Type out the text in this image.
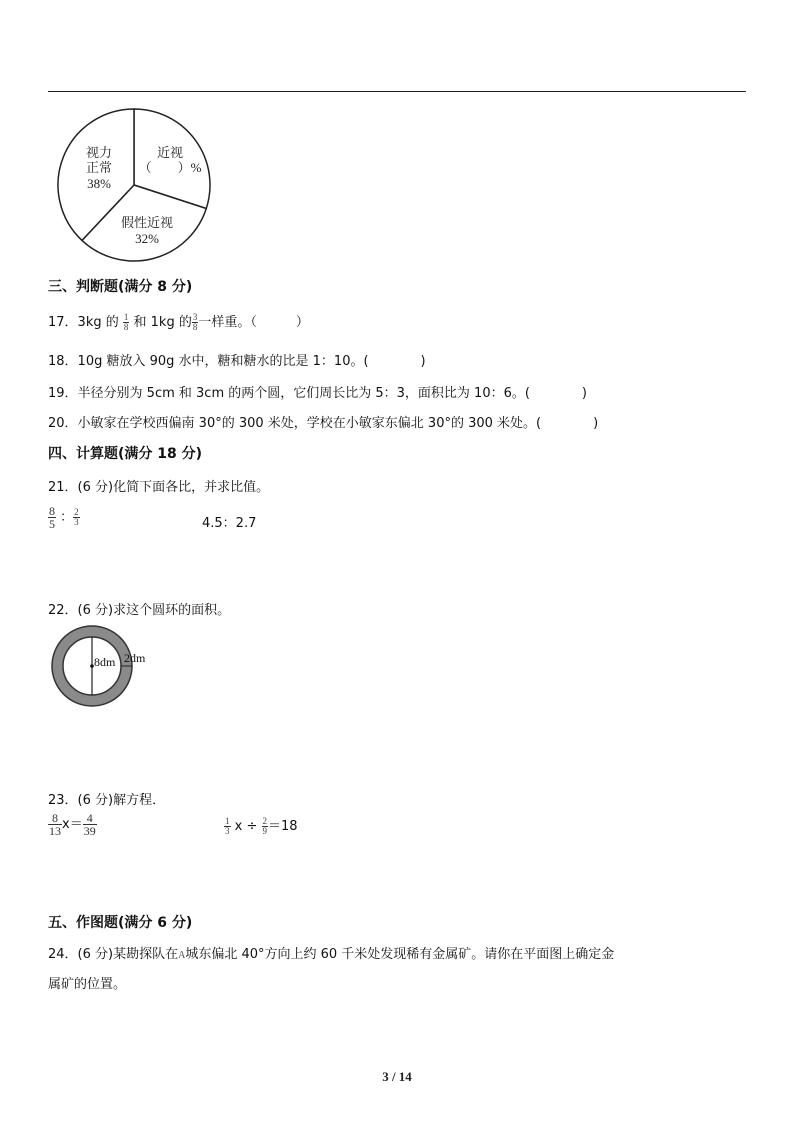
视力
正常
38%
近视
（　　）%
假性近视
32%
三、判断题(满分 8 分)
17．3kg 的 $\frac{1}{8}$ 和 1kg 的 $\frac{3}{8}$ 一样重。（　　　）
18．10g 糖放入 90g 水中，糖和糖水的比是 1：10。(　　　　)
19．半径分别为 5cm 和 3cm 的两个圆，它们周长比为 5：3，面积比为 10：6。(　　　　)
20．小敏家在学校西偏南 30°的 300 米处，学校在小敏家东偏北 30°的 300 米处。(　　　　)
四、计算题(满分 18 分)
21．(6 分)化简下面各比，并求比值。
$\frac{8}{5}$ ： $\frac{2}{3}$	4.5：2.7
22．(6 分)求这个圆环的面积。
8dm 2dm
23．(6 分)解方程．
$\frac{8}{13} x= \frac{4}{39}$	$\frac{1}{3}$ $x \div \frac{2}{9} =18$
五、作图题(满分 6 分)
24．(6 分)某勘探队在A城东偏北 40°方向上约 60 千米处发现稀有金属矿。请你在平面图上确定金
属矿的位置。
3 / 14
